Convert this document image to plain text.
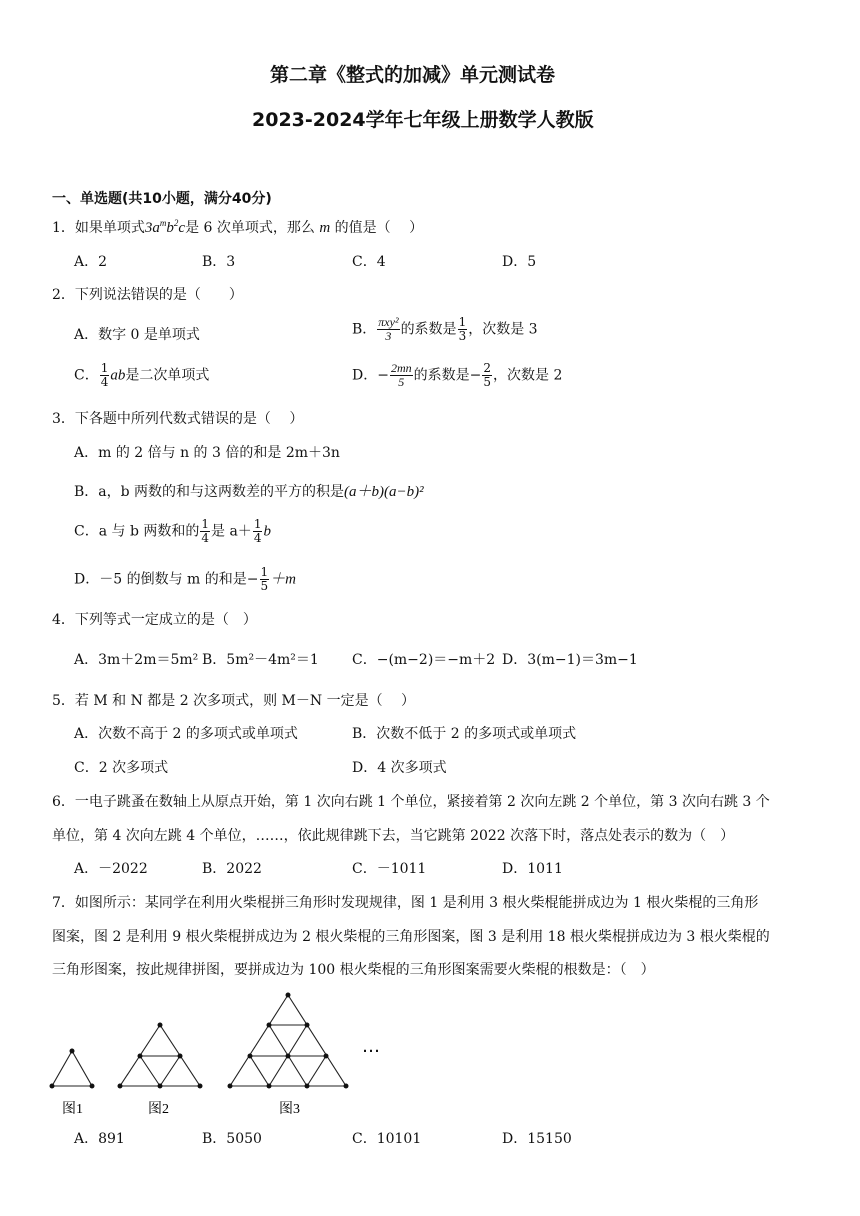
第二章《整式的加减》单元测试卷
2023-2024学年七年级上册数学人教版
一、单选题(共10小题，满分40分)
1．如果单项式$3a^mb^2c$是 6 次单项式，那么 m 的值是（　 ）
A．2	B．3	C．4	D．5
2．下列说法错误的是（　　）
A．数字 0 是单项式	B． $\frac{\text{πxy²}}{3}$ 的系数是 $\frac{1}{3}$ ，次数是 3
C． $\frac{1}{4}$ ab是二次单项式	D．− $\frac{2mn}{5}$ 的系数是− $\frac{2}{5}$ ，次数是 2
3．下各题中所列代数式错误的是（　 ）
A．m 的 2 倍与 n 的 3 倍的和是 2m＋3n
B．a，b 两数的和与这两数差的平方的积是(a＋b)(a−b)²
C．a 与 b 两数和的 $\frac{1}{4}$ 是 $a+ \frac{1}{4}$ b
D．－5 的倒数与 m 的和是− $\frac{1}{5} +m$
4．下列等式一定成立的是（　）
A．3m＋2m＝5m² B．5m²－4m²＝1 C．−(m−2)＝−m＋2 D．3(m−1)＝3m−1
5．若 M 和 N 都是 2 次多项式，则 M－N 一定是（　 ）
A．次数不高于 2 的多项式或单项式	B．次数不低于 2 的多项式或单项式
C．2 次多项式	D．4 次多项式
6．一电子跳蚤在数轴上从原点开始，第 1 次向右跳 1 个单位，紧接着第 2 次向左跳 2 个单位，第 3 次向右跳 3 个
单位，第 4 次向左跳 4 个单位，……，依此规律跳下去，当它跳第 2022 次落下时，落点处表示的数为（　）
A．－2022	B．2022	C．－1011	D．1011
7．如图所示：某同学在利用火柴棍拼三角形时发现规律，图 1 是利用 3 根火柴棍能拼成边为 1 根火柴棍的三角形
图案，图 2 是利用 9 根火柴棍拼成边为 2 根火柴棍的三角形图案，图 3 是利用 18 根火柴棍拼成边为 3 根火柴棍的
三角形图案，按此规律拼图，要拼成边为 100 根火柴棍的三角形图案需要火柴棍的根数是：（　）
图1	图2	图3
…
A．891	B．5050	C．10101	D．15150
